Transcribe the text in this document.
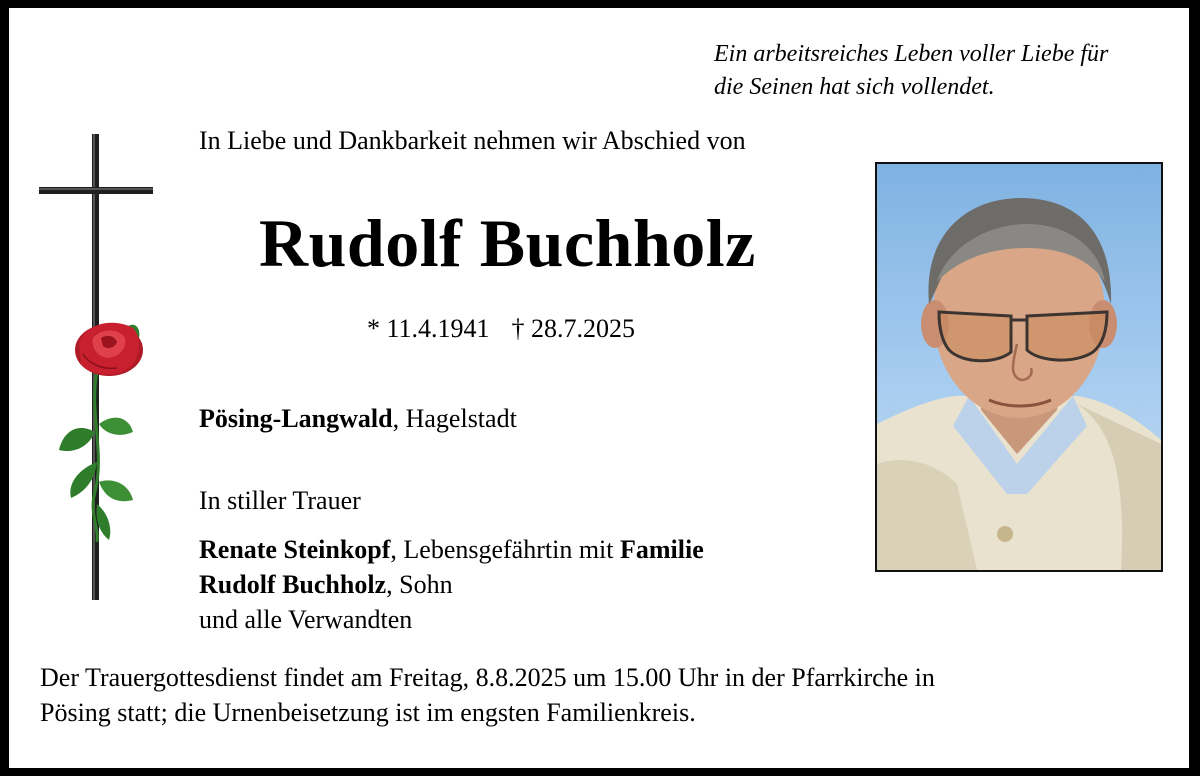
Ein arbeitsreiches Leben voller Liebe für
die Seinen hat sich vollendet.
In Liebe und Dankbarkeit nehmen wir Abschied von
Rudolf Buchholz
* 11.4.1941 † 28.7.2025
Pösing-Langwald, Hagelstadt
In stiller Trauer
Renate Steinkopf, Lebensgefährtin mit Familie
Rudolf Buchholz, Sohn
und alle Verwandten
Der Trauergottesdienst findet am Freitag, 8.8.2025 um 15.00 Uhr in der Pfarrkirche in
Pösing statt; die Urnenbeisetzung ist im engsten Familienkreis.
